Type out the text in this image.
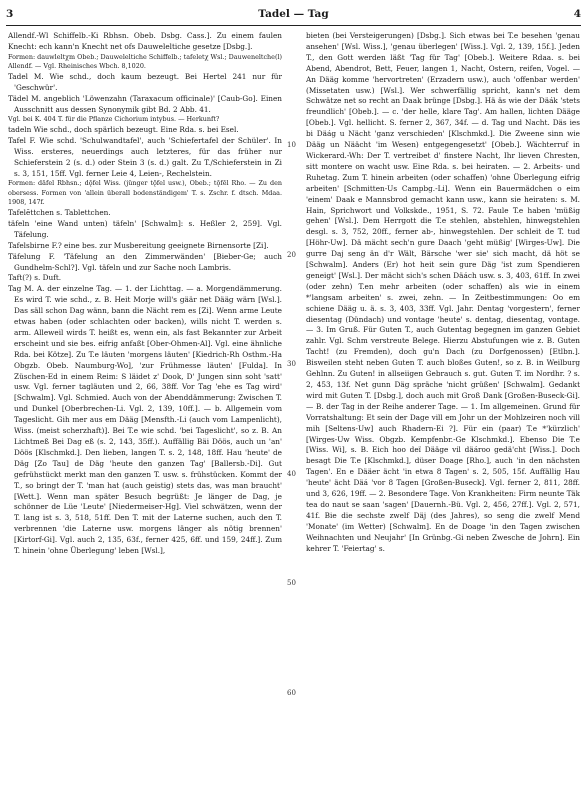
3	Tadel — Tag	4

Allendf.-Wl Schiffelb.-Ki Rbhsn. Obeb. Dsbg. Cass.]. Zu einem faulen Knecht: ech kann'n Knecht net ofs Dauweleltiche gesetze [Dsbg.].

Formen: dauwleltχm Obeb.; Dauweleltiche Schiffelb.; tafeletχ Wsl.; Dauweneltche(l) Allendf. — Vgl. Rheinisches Wbch. 8,1020.

Tadel M. Wie schd., doch kaum bezeugt. Bei Hertel 241 nur für 'Geschwür'.

Tädel M. angeblich 'Löwenzahn (Taraxacum officinale)' [Caub-Go]. Einen Ausschnitt aus dessen Synonymik gibt Bd. 2 Abb. 41.

Vgl. bei K. 404 T. für die Pflanze Cichorium intybus. — Herkunft?

tadeln Wie schd., doch spärlich bezeugt. Eine Rda. s. bei Esel.

Tafel F. Wie schd. 'Schulwandtafel', auch 'Schiefertafel der Schüler'. In Wiss. ersteres, neuerdings auch letzteres, für das früher nur Schieferstein 2 (s. d.) oder Stein 3 (s. d.) galt. Zu T./Schieferstein in Zi s. 3, 151, 15ff. Vgl. ferner Leie 4, Leien-, Rechelstein.

Formen: dāfel Rbhsn.; dǭfel Wiss. (jünger tǭfel usw.), Obeb.; tǭfēl Rho. — Zu den obersess. Formen von 'allein überall bodenständigem' T. s. Zschr. f. dtsch. Mdaa. 1908, 147f.

Tafelēttchen s. Tablettchen.

täfeln 'eine Wand unten) täfeln' [Schwalm]: s. Heßler 2, 259]. Vgl. Täfelung.

Tafelsbirne F.? eine bes. zur Musbereitung geeignete Birnensorte [Zi].

Täfelung F. 'Täfelung an den Zimmerwänden' [Bieber-Ge; auch Gundhelm-Schl?]. Vgl. täfeln und zur Sache noch Lambris.

Taft(?) s. Duft.

Tag M. A. der einzelne Tag. — 1. der Lichttag. — a. Morgendämmerung. Es wird T. wie schd., z. B. Heit Morje will's gäär net Dääg wärn [Wsl.]. Das säll schon Dag wänn, bann die Nächt rem es [Zi]. Wenn arme Leute etwas haben (oder schlachten oder backen), wills nicht T. werden s. arm. Alleweil wirds T. heißt es, wenn ein, als fast Bekannter zur Arbeit erscheint und sie bes. eifrig anfaßt [Ober-Ohmen-Al]. Vgl. eine ähnliche Rda. bei Kötze]. Zu T.e läuten 'morgens läuten' [Kiedrich-Rh Osthm.-Ha Obgzb. Obeb. Naumburg-Wo], 'zur Frühmesse läuten' [Fulda]. In Züschen-Ed in einem Reim: S läidet z' Dook, D' Jungen sinn soht 'satt' usw. Vgl. ferner tagläuten und 2, 66, 38ff. Vor Tag 'ehe es Tag wird' [Schwalm]. Vgl. Schmied. Auch von der Abenddämmerung: Zwischen T. und Dunkel [Oberbrechen-Li. Vgl. 2, 139, 10ff.]. — b. Allgemein vom Tageslicht. Gih mer aus em Dääg [Mensfth.-Li (auch vom Lampenlicht), Wiss. (meist scherzhaft)]. Bei T.e wie schd. 'bei Tageslicht', so z. B. An Lichtmeß Bei Dag eß (s. 2, 143, 35ff.). Auffällig Bäi Döös, auch un 'an' Döös [Klschmkd.]. Den lieben, langen T. s. 2, 148, 18ff. Hau 'heute' de Däg [Zo Tau] de Däg 'heute den ganzen Tag' [Ballersb.-Di]. Gut gefrühstückt merkt man den ganzen T. usw. s. frühstücken. Kommt der T., so bringt der T. 'man hat (auch geistig) stets das, was man braucht' [Wett.]. Wenn man später Besuch begrüßt: Je länger de Dag, je schönner de Lüe 'Leute' [Niedermeiser-Hg]. Viel schwätzen, wenn der T. lang ist s. 3, 518, 51ff. Den T. mit der Laterne suchen, auch den T. verbrennen 'die Laterne usw. morgens länger als nötig brennen' [Kirtorf-Gi]. Vgl. auch 2, 135, 63f., ferner 425, 6ff. und 159, 24ff.]. Zum T. hinein 'ohne Überlegung' leben [Wsl.],

10
20
30
40
50
60

bieten (bei Versteigerungen) [Dsbg.]. Sich etwas bei T.e besehen 'genau ansehen' [Wsl. Wiss.], 'genau überlegen' [Wiss.]. Vgl. 2, 139, 15f.]. Jeden T., den Gott werden läßt 'Tag für Tag' [Obeb.]. Weitere Rdaa. s. bei Abend, Abendrot, Bett, Feuer, langen 1, Nacht, Ostern, reifen, Vogel. — An Dääg komme 'hervortreten' (Erzadern usw.), auch 'offenbar werden' (Missetaten usw.) [Wsl.]. Wer schwerfällig spricht, kann's net dem Schwätze net so recht an Daak brünge [Dsbg.]. Hä äs wie der Däák 'stets freundlich' [Obeb.]. — c. 'der helle, klare Tag'. Am hallen, lichten Dääge [Obeb.]. Vgl. hellicht. S. ferner 2, 367, 34f. — d. Tag und Nacht. Däs ies bi Däág u Nächt 'ganz verschieden' [Klschmkd.]. Die Zweene sinn wie Dääg un Näächt 'im Wesen) entgegengesetzt' [Obeb.]. Wächterruf in Wickerard.-Wh: Der T. vertreibet d' finstere Nacht, Ihr lieven Chresten, sitt montere on wacht usw. Eine Rda. s. bei heiraten. — 2. Arbeits- und Ruhetag. Zum T. hinein arbeiten (oder schaffen) 'ohne Überlegung eifrig arbeiten' [Schmitten-Us Campbg.-Li]. Wenn ein Bauermädchen o eim 'einem' Daak e Mannsbrod gemacht kann usw., kann sie heiraten: s. M. Hain, Sprichwort und Volkskde., 1951, S. 72. Faule T.e haben 'müßig gehen' [Wsl.]. Dem Herrgott die T.e stehlen, abstehlen, hinwegstehlen desgl. s. 3, 752, 20ff., ferner ab-, hinwegstehlen. Der schleit de T. tud [Höhr-Uw]. Dä mächt sech'n gure Daach 'geht müßig' [Wirges-Uw]. Die gurre Daj seng än d'r Wält, Bärsche 'wer sie' sich macht, dä höt se [Schwalm]. Anders (Er) hot heit sein gure Däg 'ist zum Spendieren geneigt' [Wsl.]. Der mächt sich's schen Däách usw. s. 3, 403, 61ff. In zwei (oder zehn) T.en mehr arbeiten (oder schaffen) als wie in einem *'langsam arbeiten' s. zwei, zehn. — In Zeitbestimmungen: Oo em schiene Dääg u. ä. s. 3, 403, 33ff. Vgl. Jahr. Dentag 'vorgestern', ferner diesentag (Dündach) und vontage 'heute' s. dentag, diesentag, vontage. — 3. Im Gruß. Für Guten T., auch Gutentag begegnen im ganzen Gebiet zahlr. Vgl. Schm verstreute Belege. Hierzu Abstufungen wie z. B. Guten Tacht! (zu Fremden), doch gu'n Dach (zu Dorfgenossen) [Etlbn.]. Bisweilen steht neben Guten T. auch bloßes Guten!, so z. B. in Weilburg Gehlnn. Zu Guten! in allseiigen Gebrauch s. gut. Guten T. im Nordhr. ? s. 2, 453, 13f. Net gunn Däg spräche 'nicht grüßen' [Schwalm]. Gedankt wird mit Guten T. [Dsbg.], doch auch mit Groß Dank [Großen-Buseck-Gi]. — B. der Tag in der Reihe anderer Tage. — 1. Im allgemeinen. Grund für Vorratshaltung: Et sein der Dage vill em Johr un der Mohlzeiren noch vill mih [Seltens-Uw] auch Rhadern-Ei ?]. Für ein (paar) T.e *'kürzlich' [Wirges-Uw Wiss. Obgzb. Kempfenbr.-Ge Klschmkd.]. Ebenso Die T.e [Wiss. Wi], s. B. Eich hoo deï Dääge vil däároo gedä'cht [Wiss.]. Doch besagt Die T.e [Klschmkd.], düser Doage [Rho.], auch 'in den nächsten Tagen'. En e Dääer ächt 'in etwa 8 Tagen' s. 2, 505, 15f. Auffällig Hau 'heute' ächt Däá 'vor 8 Tagen [Großen-Buseck]. Vgl. ferner 2, 811, 28ff. und 3, 626, 19ff. — 2. Besondere Tage. Von Krankheiten: Firm neunte Täk tea do naut se saan 'sagen' [Dauernh.-Bü. Vgl. 2, 456, 27ff.]. Vgl. 2, 571, 41f. Bie die sechste zwelf Däj (des Jahres), so seng die zwelf Mend 'Monate' (im Wetter) [Schwalm]. En de Doage 'in den Tagen zwischen Weihnachten und Neujahr' [In Grünbg.-Gi neben Zwesche de Johrn]. Ein kehrer T. 'Feiertag' s.
